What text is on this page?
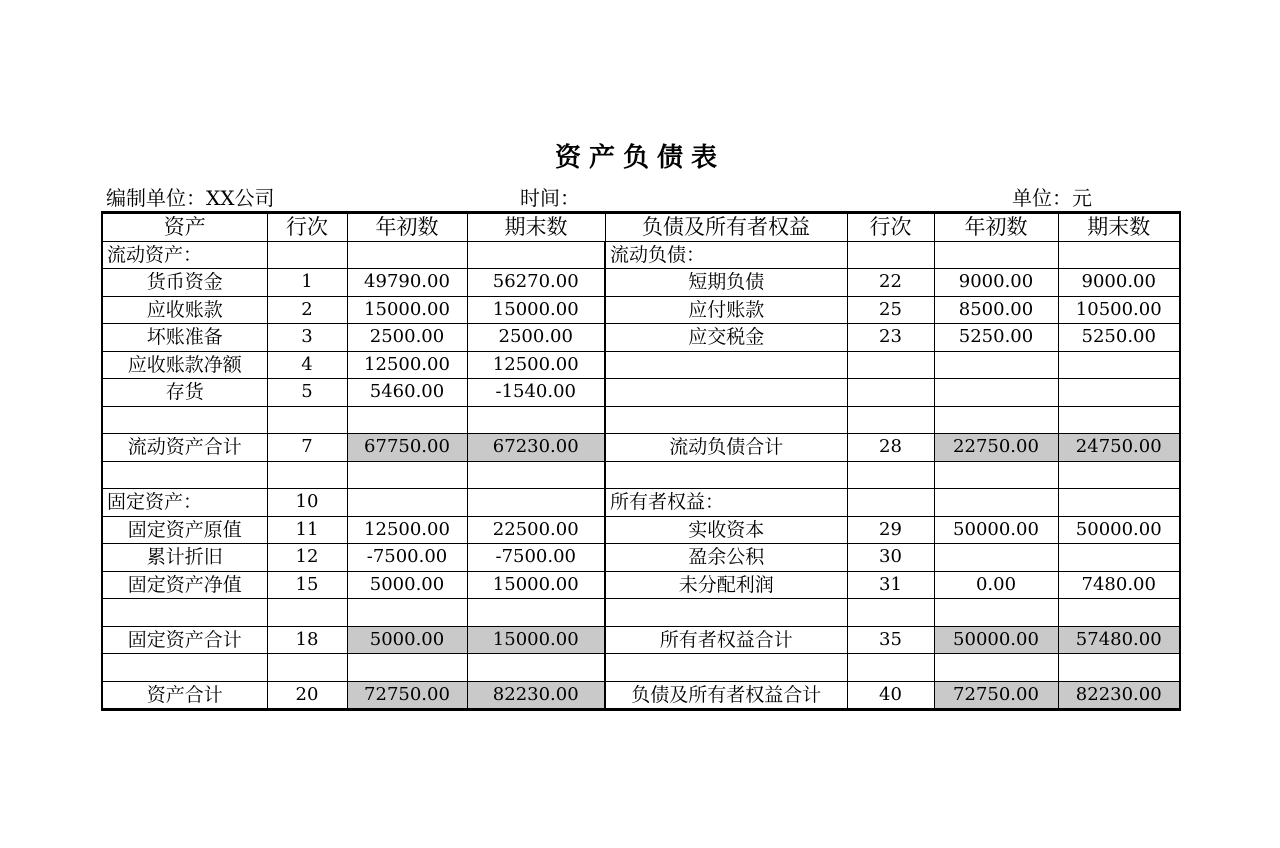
资产负债表
编制单位：XX公司	时间：	单位：元
资产	行次	年初数	期末数	负债及所有者权益	行次	年初数	期末数
流动资产：				流动负债：			
货币资金	1	49790.00	56270.00	短期负债	22	9000.00	9000.00
应收账款	2	15000.00	15000.00	应付账款	25	8500.00	10500.00
坏账准备	3	2500.00	2500.00	应交税金	23	5250.00	5250.00
应收账款净额	4	12500.00	12500.00				
存货	5	5460.00	-1540.00				

流动资产合计	7	67750.00	67230.00	流动负债合计	28	22750.00	24750.00

固定资产：	10			所有者权益：			
固定资产原值	11	12500.00	22500.00	实收资本	29	50000.00	50000.00
累计折旧	12	-7500.00	-7500.00	盈余公积	30		
固定资产净值	15	5000.00	15000.00	未分配利润	31	0.00	7480.00

固定资产合计	18	5000.00	15000.00	所有者权益合计	35	50000.00	57480.00

资产合计	20	72750.00	82230.00	负债及所有者权益合计	40	72750.00	82230.00
